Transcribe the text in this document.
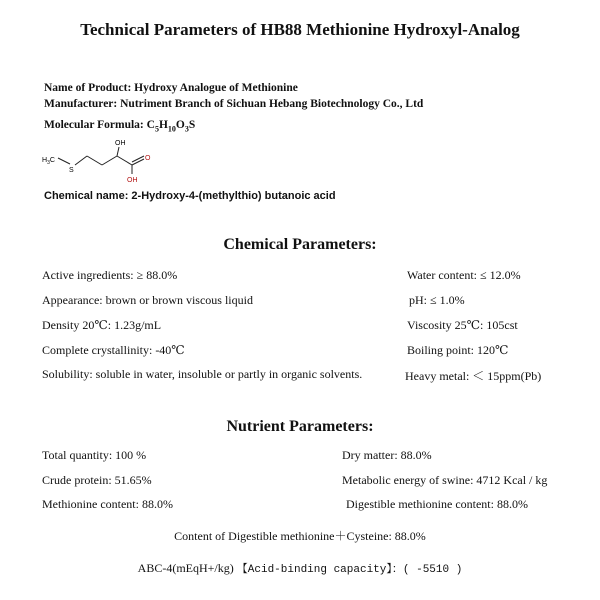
Technical Parameters of HB88 Methionine Hydroxyl-Analog
Name of Product: Hydroxy Analogue of Methionine
Manufacturer: Nutriment Branch of Sichuan Hebang Biotechnology Co., Ltd
Molecular Formula: $C_5H_{10}O_3S$
$H_3C$
S
OH
O
OH
Chemical name: 2-Hydroxy-4-(methylthio) butanoic acid
Chemical Parameters:
Active ingredients: ≥ 88.0%
Appearance: brown or brown viscous liquid
Density 20℃: 1.23g/mL
Complete crystallinity: -40℃
Solubility: soluble in water, insoluble or partly in organic solvents.
Water content: ≤ 12.0%
pH: ≤ 1.0%
Viscosity 25℃: 105cst
Boiling point: 120℃
Heavy metal: ＜ 15ppm(Pb)
Nutrient Parameters:
Total quantity: 100 %
Crude protein: 51.65%
Methionine content: 88.0%
Dry matter: 88.0%
Metabolic energy of swine: 4712 Kcal / kg
Digestible methionine content: 88.0%
Content of Digestible methionine＋Cysteine: 88.0%
ABC-4(mEqH+/kg) 【Acid-binding capacity】：( -5510 )
